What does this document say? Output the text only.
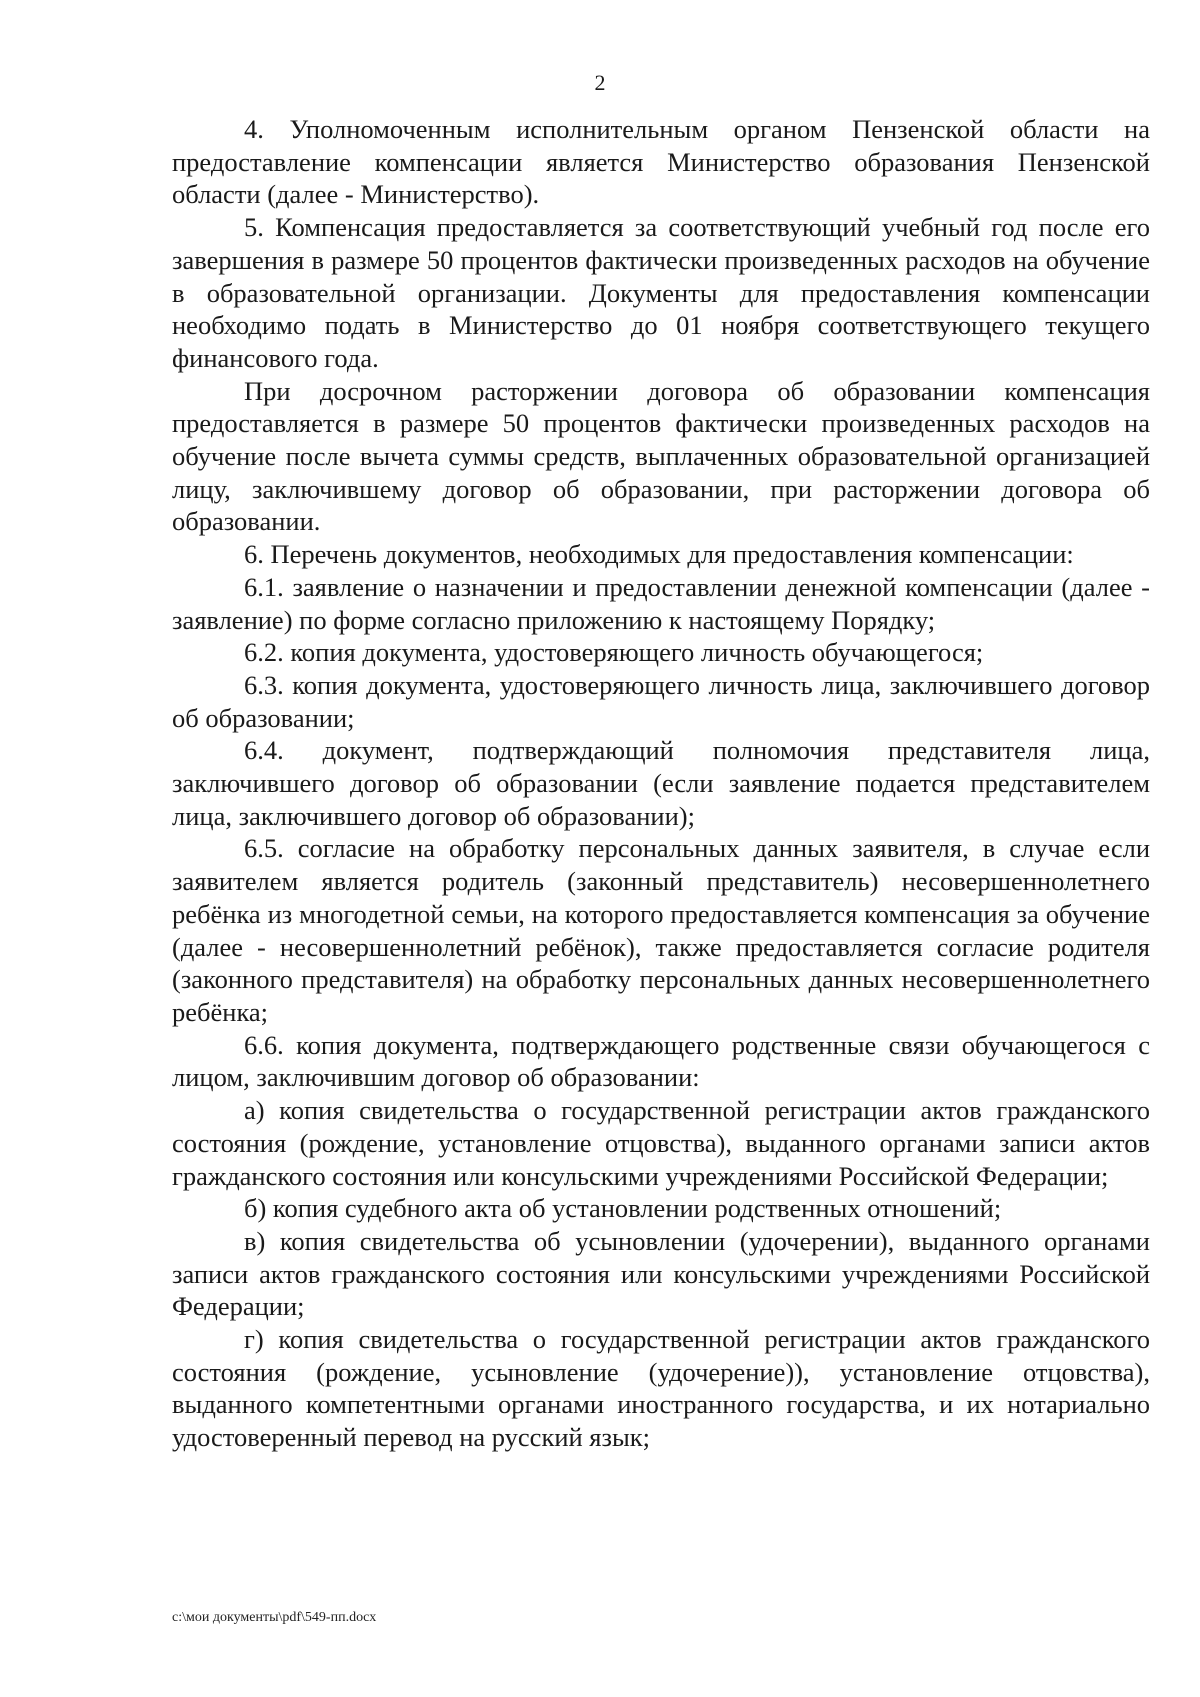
2

4. Уполномоченным исполнительным органом Пензенской области на предоставление компенсации является Министерство образования Пензенской области (далее - Министерство).

5. Компенсация предоставляется за соответствующий учебный год после его завершения в размере 50 процентов фактически произведенных расходов на обучение в образовательной организации. Документы для предоставления компенсации необходимо подать в Министерство до 01 ноября соответствующего текущего финансового года.

При досрочном расторжении договора об образовании компенсация предоставляется в размере 50 процентов фактически произведенных расходов на обучение после вычета суммы средств, выплаченных образовательной организацией лицу, заключившему договор об образовании, при расторжении договора об образовании.

6. Перечень документов, необходимых для предоставления компенсации:

6.1. заявление о назначении и предоставлении денежной компенсации (далее - заявление) по форме согласно приложению к настоящему Порядку;

6.2. копия документа, удостоверяющего личность обучающегося;

6.3. копия документа, удостоверяющего личность лица, заключившего договор об образовании;

6.4. документ, подтверждающий полномочия представителя лица, заключившего договор об образовании (если заявление подается представителем лица, заключившего договор об образовании);

6.5. согласие на обработку персональных данных заявителя, в случае если заявителем является родитель (законный представитель) несовершеннолетнего ребёнка из многодетной семьи, на которого предоставляется компенсация за обучение (далее - несовершеннолетний ребёнок), также предоставляется согласие родителя (законного представителя) на обработку персональных данных несовершеннолетнего ребёнка;

6.6. копия документа, подтверждающего родственные связи обучающегося с лицом, заключившим договор об образовании:

а) копия свидетельства о государственной регистрации актов гражданского состояния (рождение, установление отцовства), выданного органами записи актов гражданского состояния или консульскими учреждениями Российской Федерации;

б) копия судебного акта об установлении родственных отношений;

в) копия свидетельства об усыновлении (удочерении), выданного органами записи актов гражданского состояния или консульскими учреждениями Российской Федерации;

г) копия свидетельства о государственной регистрации актов гражданского состояния (рождение, усыновление (удочерение)), установление отцовства), выданного компетентными органами иностранного государства, и их нотариально удостоверенный перевод на русский язык;

c:\мои документы\pdf\549-пп.docx
